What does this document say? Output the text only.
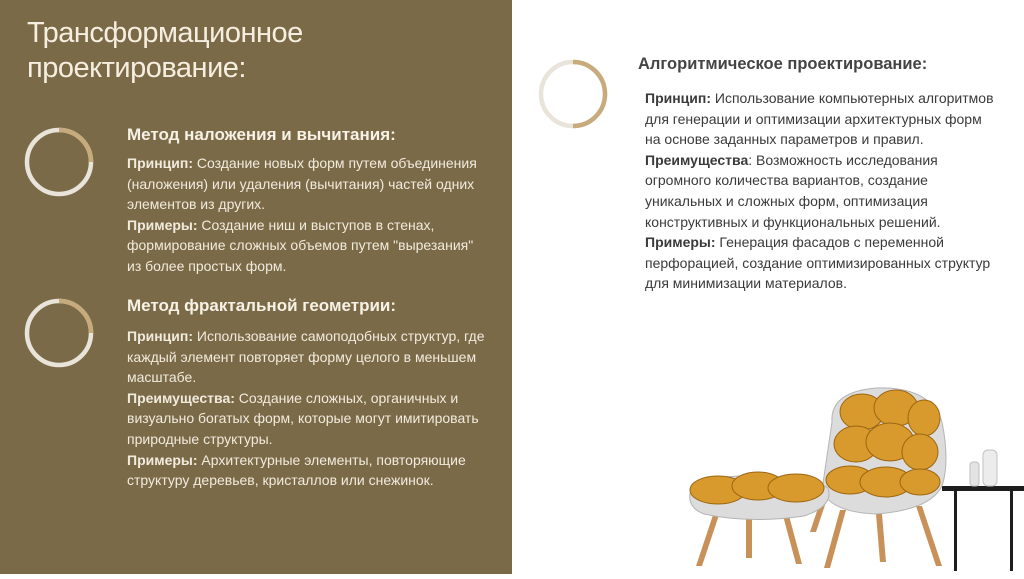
Трансформационное проектирование:
Метод наложения и вычитания:

Принцип: Создание новых форм путем объединения (наложения) или удаления (вычитания) частей одних элементов из других.

Примеры: Создание ниш и выступов в стенах, формирование сложных объемов путем "вырезания" из более простых форм.

Метод фрактальной геометрии:

Принцип: Использование самоподобных структур, где каждый элемент повторяет форму целого в меньшем масштабе.

Преимущества: Создание сложных, органичных и визуально богатых форм, которые могут имитировать природные структуры.

Примеры: Архитектурные элементы, повторяющие структуру деревьев, кристаллов или снежинок.

Алгоритмическое проектирование:

Принцип: Использование компьютерных алгоритмов для генерации и оптимизации архитектурных форм на основе заданных параметров и правил.

Преимущества: Возможность исследования огромного количества вариантов, создание уникальных и сложных форм, оптимизация конструктивных и функциональных решений.

Примеры: Генерация фасадов с переменной перфорацией, создание оптимизированных структур для минимизации материалов.
